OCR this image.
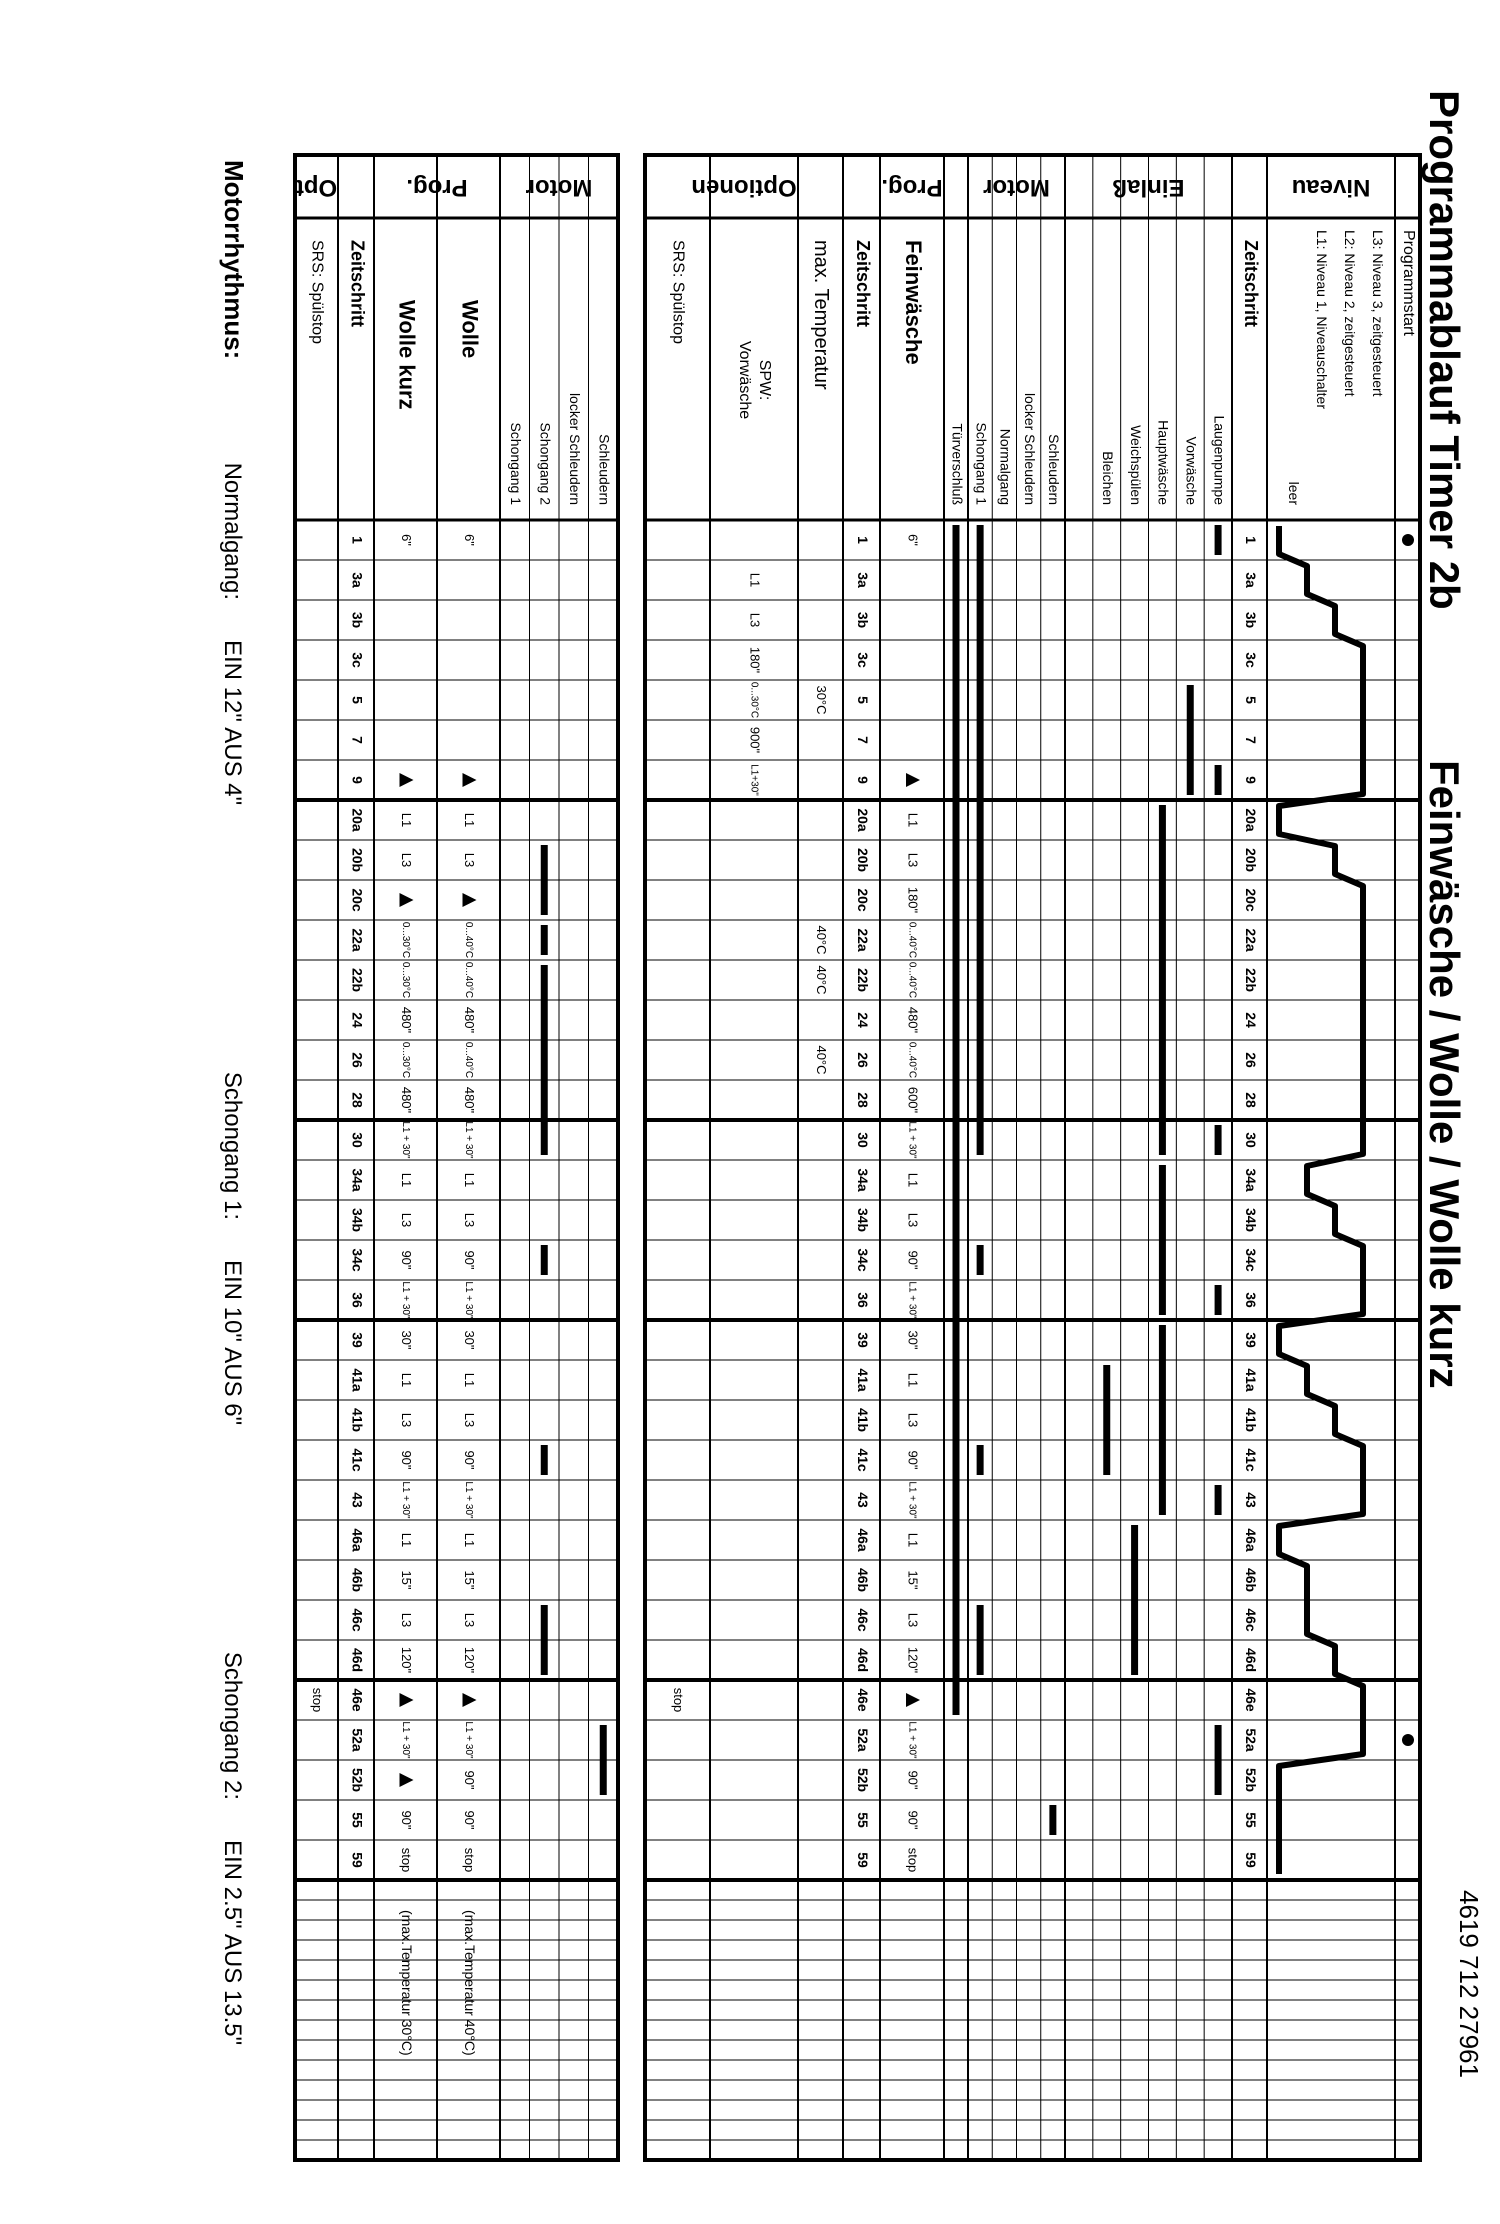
Programmablauf Timer 2b
Feinwäsche / Wolle / Wolle kurz
4619 712 27961
Niveau
Einlaß
Motor
Prog.
Optionen
Programmstart
L3: Niveau 3, zeitgesteuert
L2: Niveau 2, zeitgesteuert
L1: Niveau 1, Niveauschalter
leer
Zeitschritt
1
3a
3b
3c
5
7
9
20a
20b
20c
22a
22b
24
26
28
30
34a
34b
34c
36
39
41a
41b
41c
43
46a
46b
46c
46d
46e
52a
52b
55
59
Laugenpumpe
Vorwäsche
Hauptwäsche
Weichspülen
Bleichen
Schleudern
locker Schleudern
Normalgang
Schongang 1
Türverschluß
Feinwäsche
6"
480"
0...40°C
600"
L1 + 30"
L1 + 30"
30"
L1 + 30"
90"
stop
L1
L3
180"
0...40°C
0...40°C
L1
L3
90"
L1
L3
90"
L1
15"
L3
120"
L1 + 30"
90"
Zeitschritt
1
3a
3b
3c
5
7
9
20a
20b
20c
22a
22b
24
26
28
30
34a
34b
34c
36
39
41a
41b
41c
43
46a
46b
46c
46d
46e
52a
52b
55
59
max. Temperatur
30°C
40°C
40°C
40°C
SPW:
Vorwäsche
0...30°C
900"
L1+30"
L1
L3
180"
SRS: Spülstop
stop
Motor
Prog.
Opt
Schleudern
locker Schleudern
Schongang 2
Schongang 1
Wolle
6"
480"
0...40°C
480"
L1 + 30"
L1 + 30"
30"
L1 + 30"
90"
stop
L1
L3
0...40°C
0...40°C
L1
L3
90"
L1
L3
90"
L1
15"
L3
120"
L1 + 30"
90"
(max.Temperatur 40°C)
Wolle kurz
6"
480"
0...30°C
480"
L1 + 30"
L1 + 30"
30"
L1 + 30"
90"
stop
L1
L3
0...30°C
0...30°C
L1
L3
90"
L1
L3
90"
L1
15"
L3
120"
L1 + 30"
(max.Temperatur 30°C)
Zeitschritt
1
3a
3b
3c
5
7
9
20a
20b
20c
22a
22b
24
26
28
30
34a
34b
34c
36
39
41a
41b
41c
43
46a
46b
46c
46d
46e
52a
52b
55
59
SRS: Spülstop
stop
Motorrhythmus:
Normalgang:
EIN 12" AUS 4"
Schongang 1:
EIN 10" AUS 6"
Schongang 2:
EIN 2.5" AUS 13.5"
